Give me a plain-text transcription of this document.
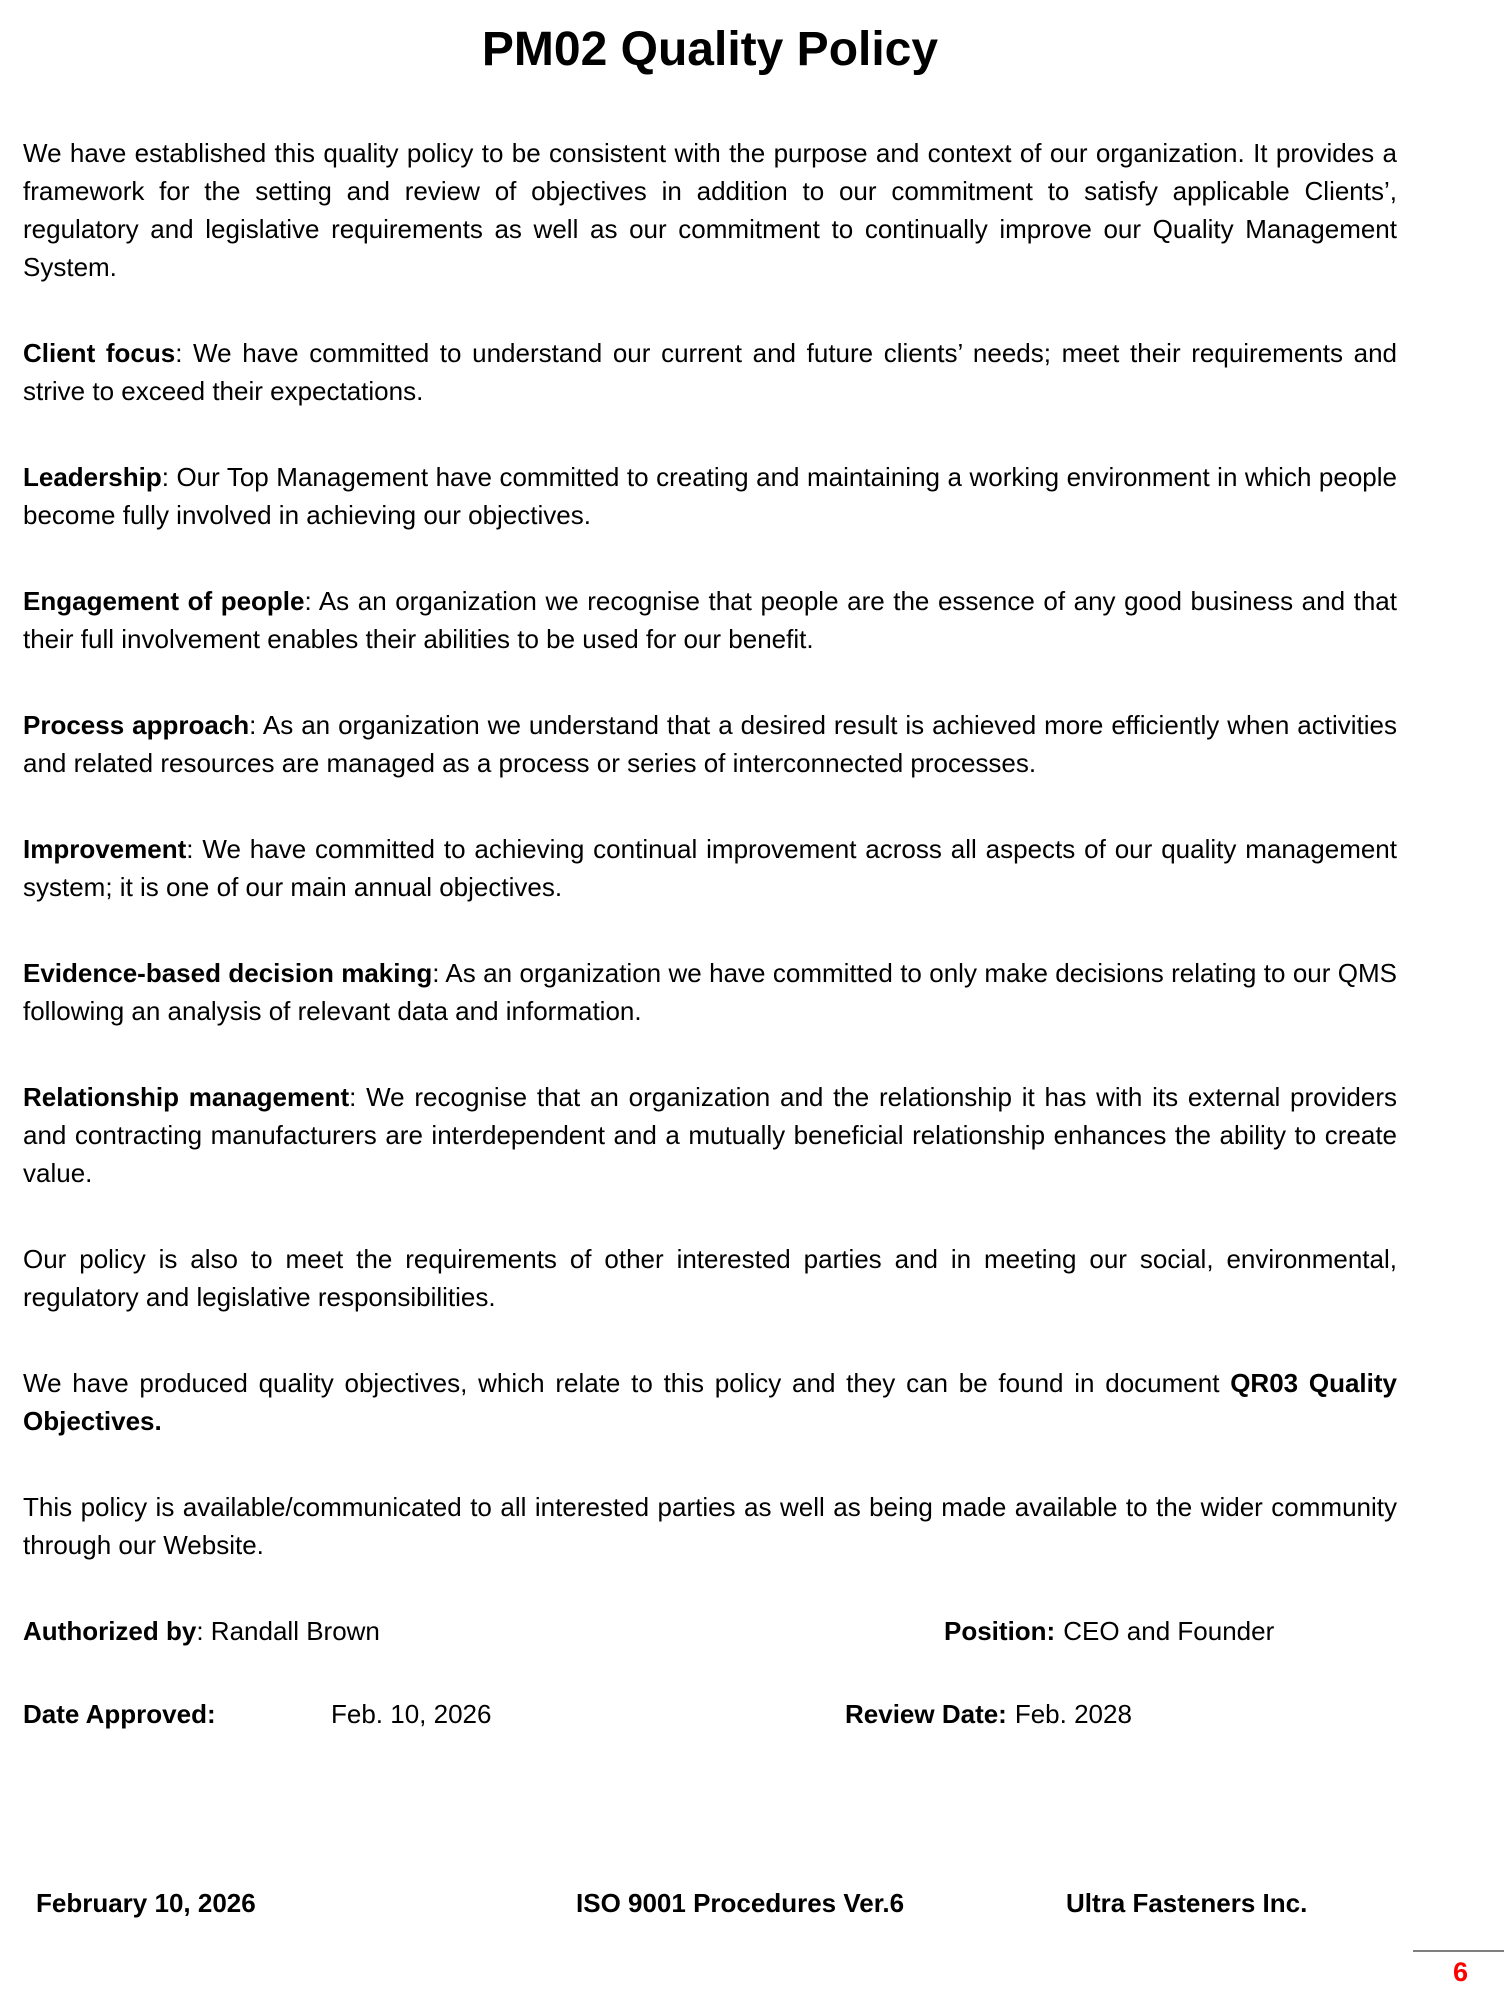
PM02 Quality Policy

We have established this quality policy to be consistent with the purpose and context of our organization. It provides a framework for the setting and review of objectives in addition to our commitment to satisfy applicable Clients’, regulatory and legislative requirements as well as our commitment to continually improve our Quality Management System.

Client focus: We have committed to understand our current and future clients’ needs; meet their requirements and strive to exceed their expectations.

Leadership: Our Top Management have committed to creating and maintaining a working environment in which people become fully involved in achieving our objectives.

Engagement of people: As an organization we recognise that people are the essence of any good business and that their full involvement enables their abilities to be used for our benefit.

Process approach: As an organization we understand that a desired result is achieved more efficiently when activities and related resources are managed as a process or series of interconnected processes.

Improvement: We have committed to achieving continual improvement across all aspects of our quality management system; it is one of our main annual objectives.

Evidence-based decision making: As an organization we have committed to only make decisions relating to our QMS following an analysis of relevant data and information.

Relationship management: We recognise that an organization and the relationship it has with its external providers and contracting manufacturers are interdependent and a mutually beneficial relationship enhances the ability to create value.

Our policy is also to meet the requirements of other interested parties and in meeting our social, environmental, regulatory and legislative responsibilities.

We have produced quality objectives, which relate to this policy and they can be found in document QR03 Quality Objectives.

This policy is available/communicated to all interested parties as well as being made available to the wider community through our Website.

Authorized by: Randall Brown	Position: CEO and Founder
Date Approved:	Feb. 10, 2026	Review Date: Feb. 2028
February 10, 2026	ISO 9001 Procedures Ver.6	Ultra Fasteners Inc.
6
